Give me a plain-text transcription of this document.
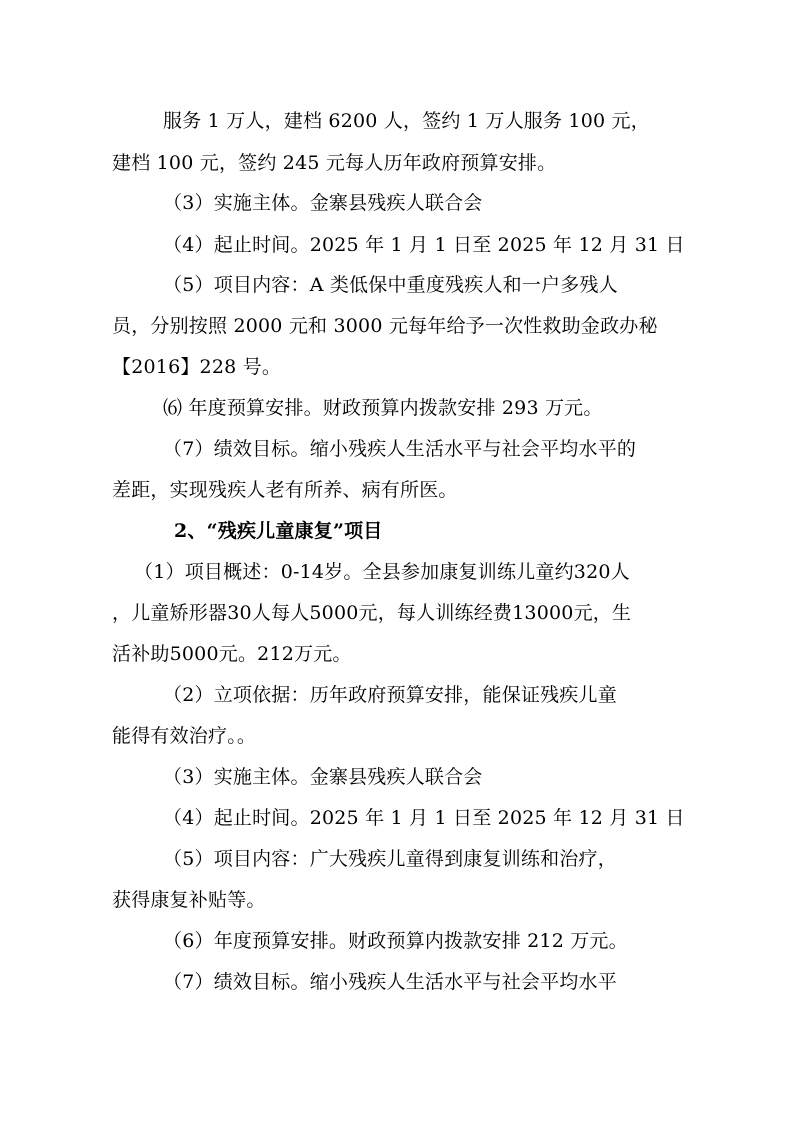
服务 1 万人，建档 6200 人，签约 1 万人服务 100 元，
建档 100 元，签约 245 元每人历年政府预算安排。
（3）实施主体。金寨县残疾人联合会
（4）起止时间。2025 年 1 月 1 日至 2025 年 12 月 31 日
（5）项目内容：A 类低保中重度残疾人和一户多残人
员，分别按照 2000 元和 3000 元每年给予一次性救助金政办秘
【2016】228 号。
⑹ 年度预算安排。财政预算内拨款安排 293 万元。
（7）绩效目标。缩小残疾人生活水平与社会平均水平的
差距，实现残疾人老有所养、病有所医。
2、“残疾儿童康复”项目
（1）项目概述：0-14岁。全县参加康复训练儿童约320人
，儿童矫形器30人每人5000元，每人训练经费13000元，生
活补助5000元。212万元。
（2）立项依据：历年政府预算安排，能保证残疾儿童
能得有效治疗。。
（3）实施主体。金寨县残疾人联合会
（4）起止时间。2025 年 1 月 1 日至 2025 年 12 月 31 日
（5）项目内容：广大残疾儿童得到康复训练和治疗，
获得康复补贴等。
（6）年度预算安排。财政预算内拨款安排 212 万元。
（7）绩效目标。缩小残疾人生活水平与社会平均水平
